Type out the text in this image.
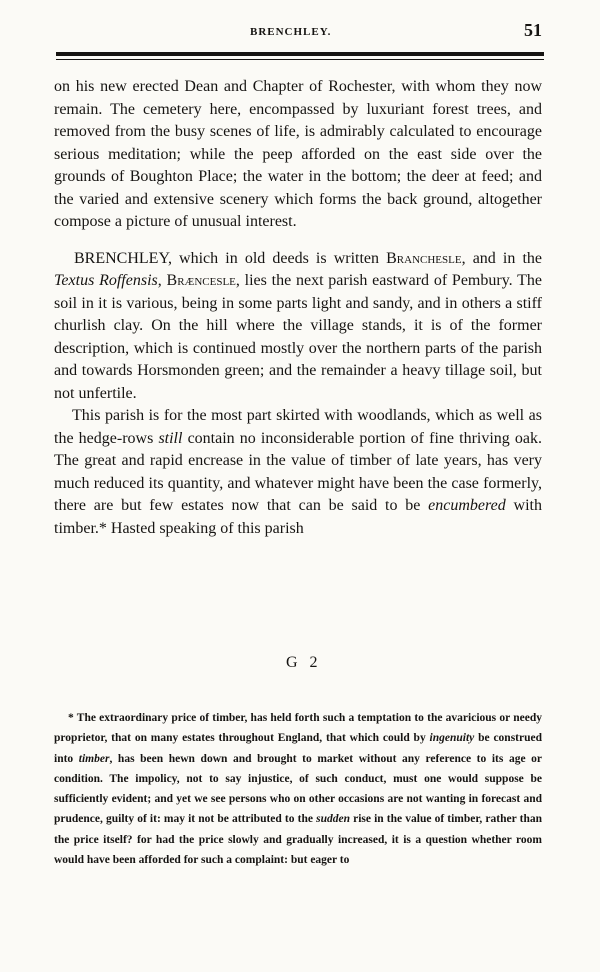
BRENCHLEY.	51

on his new erected Dean and Chapter of Rochester, with whom they now remain. The cemetery here, encompassed by luxuriant forest trees, and removed from the busy scenes of life, is admirably calculated to encourage serious meditation; while the peep afforded on the east side over the grounds of Boughton Place; the water in the bottom; the deer at feed; and the varied and extensive scenery which forms the back ground, altogether compose a picture of unusual interest.

BRENCHLEY, which in old deeds is written Branchesle, and in the Textus Roffensis, Bræncesle, lies the next parish eastward of Pembury. The soil in it is various, being in some parts light and sandy, and in others a stiff churlish clay. On the hill where the village stands, it is of the former description, which is continued mostly over the northern parts of the parish and towards Horsmonden green; and the remainder a heavy tillage soil, but not unfertile.

This parish is for the most part skirted with woodlands, which as well as the hedge-rows still contain no inconsiderable portion of fine thriving oak. The great and rapid encrease in the value of timber of late years, has very much reduced its quantity, and whatever might have been the case formerly, there are but few estates now that can be said to be encumbered with timber.* Hasted speaking of this parish

G 2
* The extraordinary price of timber, has held forth such a temptation to the avaricious or needy proprietor, that on many estates throughout England, that which could by ingenuity be construed into timber, has been hewn down and brought to market without any reference to its age or condition. The impolicy, not to say injustice, of such conduct, must one would suppose be sufficiently evident; and yet we see persons who on other occasions are not wanting in forecast and prudence, guilty of it: may it not be attributed to the sudden rise in the value of timber, rather than the price itself? for had the price slowly and gradually increased, it is a question whether room would have been afforded for such a complaint: but eager to
